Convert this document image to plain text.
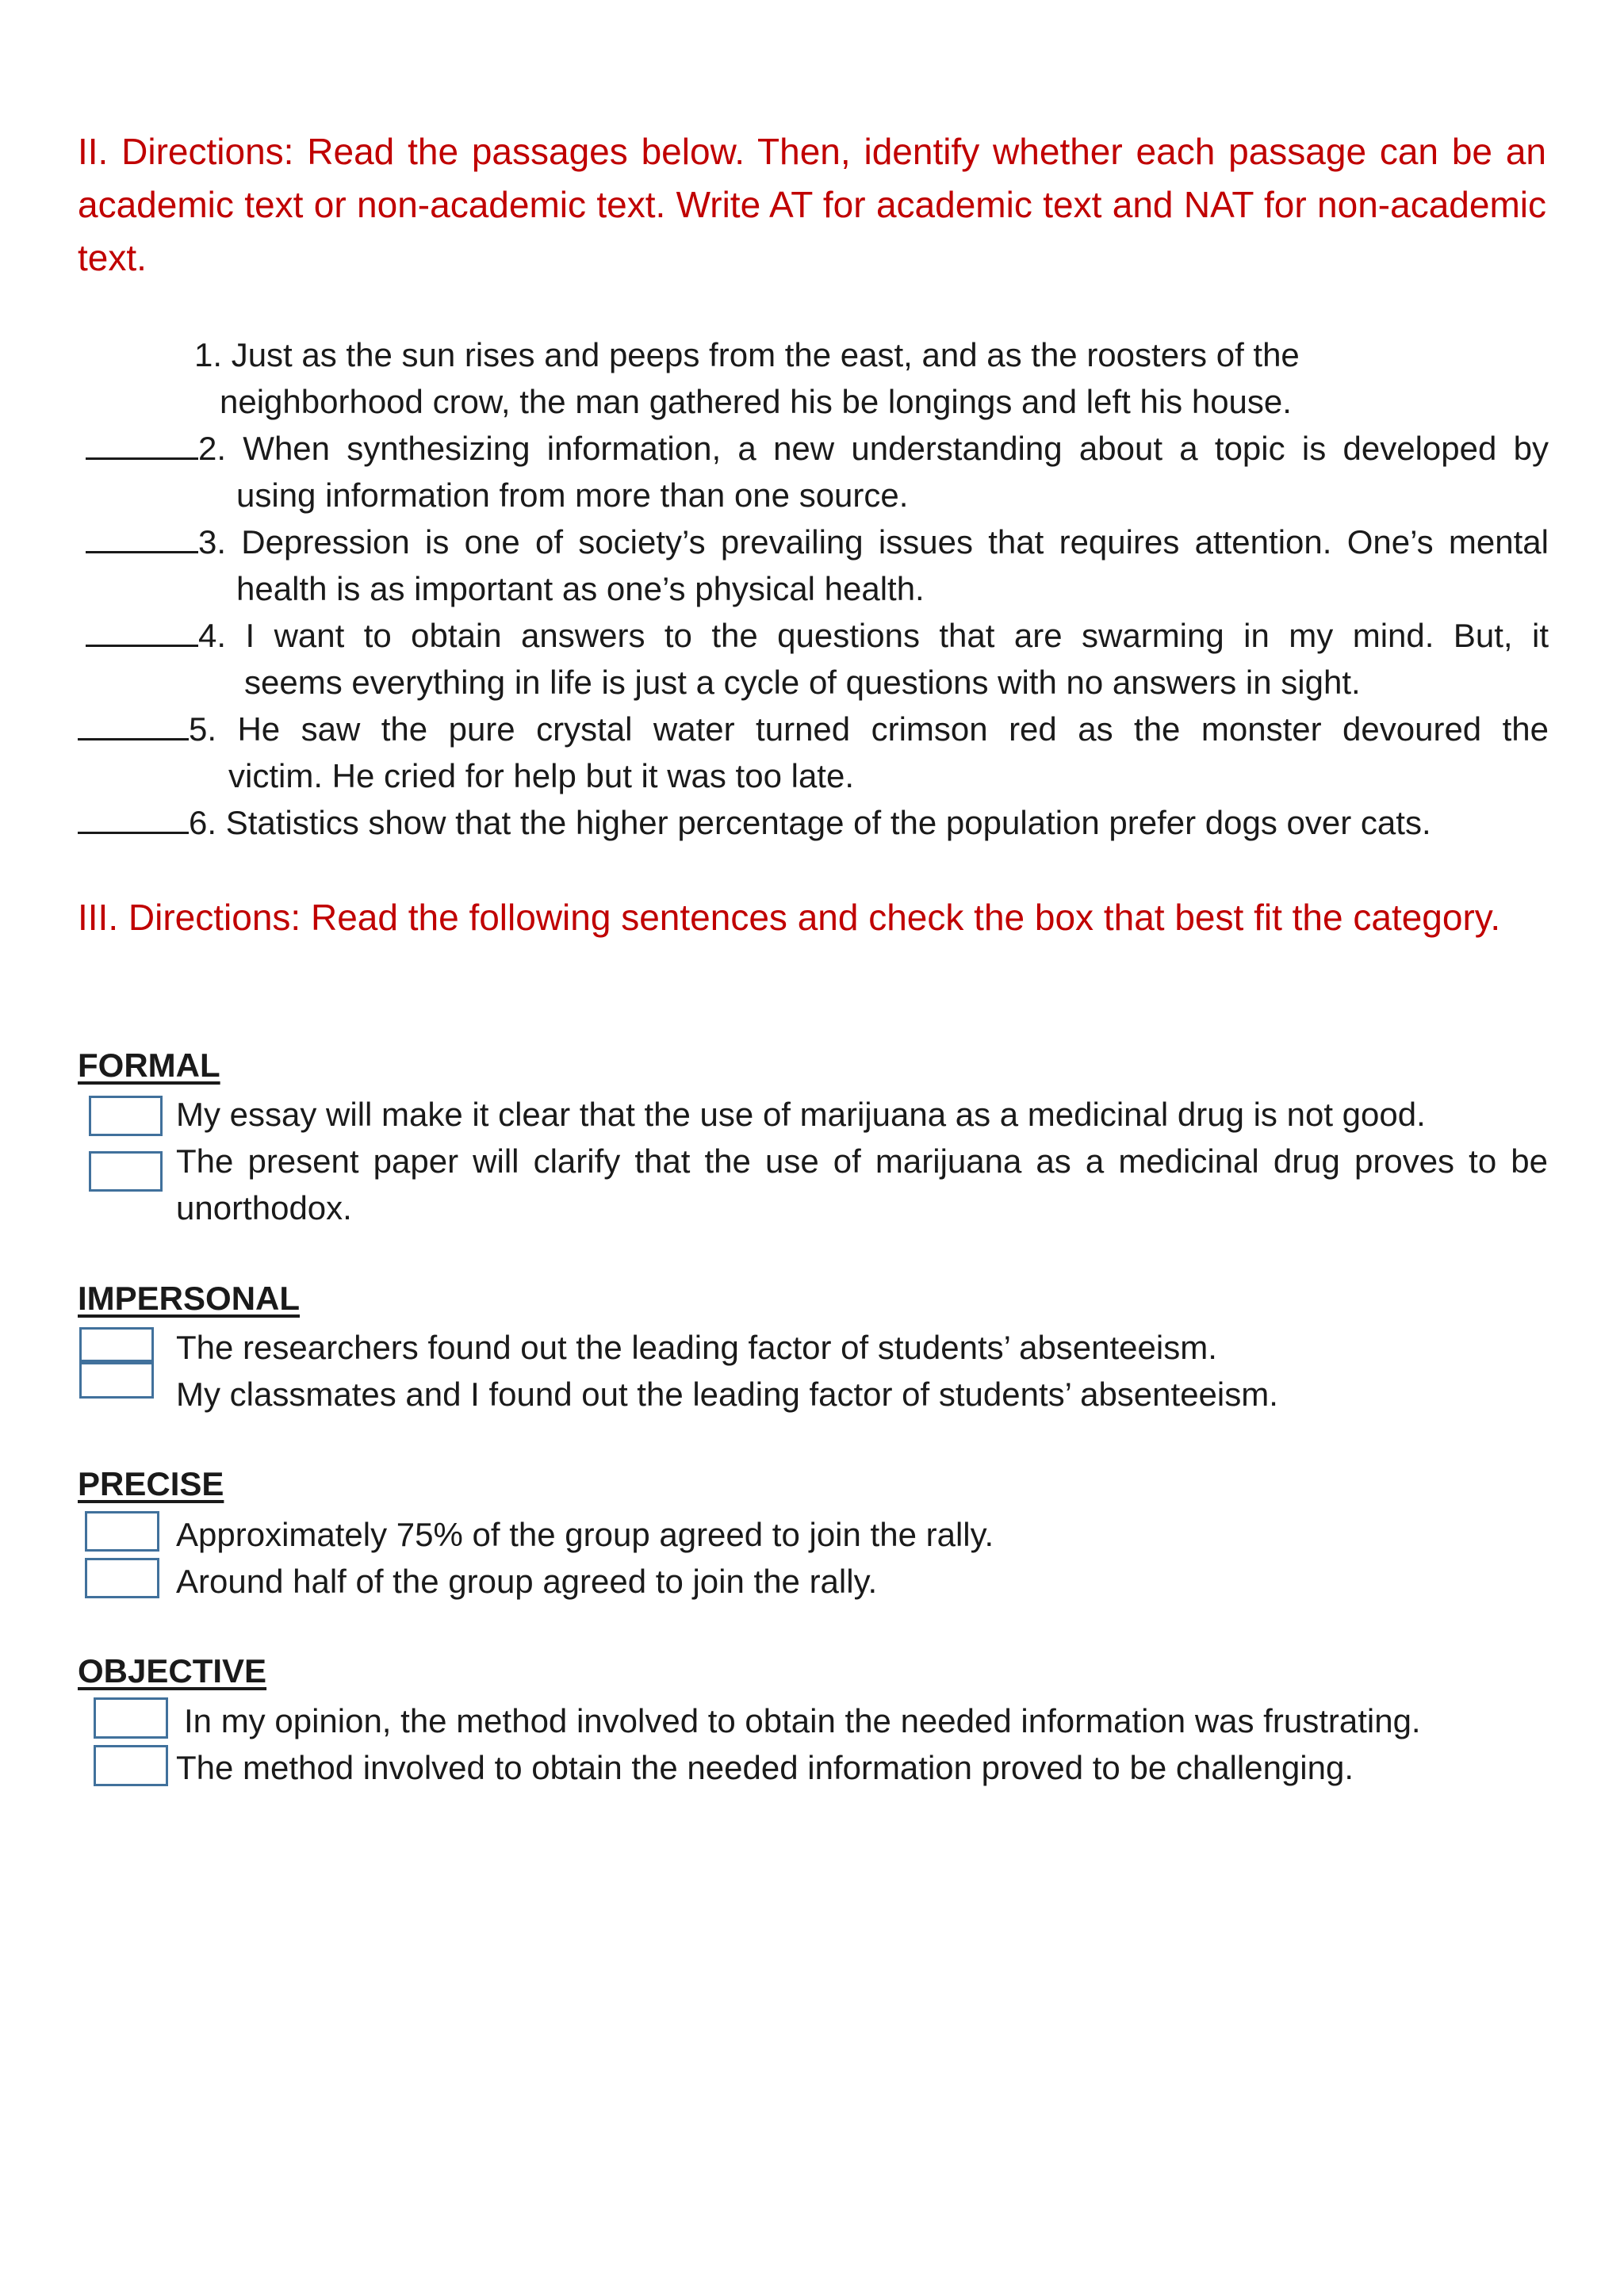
II. Directions: Read the passages below. Then, identify whether each passage can be an academic text or non-academic text. Write AT for academic text and NAT for non-academic text.

1. Just as the sun rises and peeps from the east, and as the roosters of the
neighborhood crow, the man gathered his be longings and left his house.
2. When synthesizing information, a new understanding about a topic is developed by
using information from more than one source.
3. Depression is one of society’s prevailing issues that requires attention. One’s mental
health is as important as one’s physical health.
4. I want to obtain answers to the questions that are swarming in my mind. But, it
seems everything in life is just a cycle of questions with no answers in sight.
5. He saw the pure crystal water turned crimson red as the monster devoured the
victim. He cried for help but it was too late.
6. Statistics show that the higher percentage of the population prefer dogs over cats.

III. Directions: Read the following sentences and check the box that best fit the category.

FORMAL

My essay will make it clear that the use of marijuana as a medicinal drug is not good.
The present paper will clarify that the use of marijuana as a medicinal drug proves to be
unorthodox.

IMPERSONAL

The researchers found out the leading factor of students’ absenteeism.
My classmates and I found out the leading factor of students’ absenteeism.

PRECISE

Approximately 75% of the group agreed to join the rally.
Around half of the group agreed to join the rally.

OBJECTIVE

In my opinion, the method involved to obtain the needed information was frustrating.
The method involved to obtain the needed information proved to be challenging.
